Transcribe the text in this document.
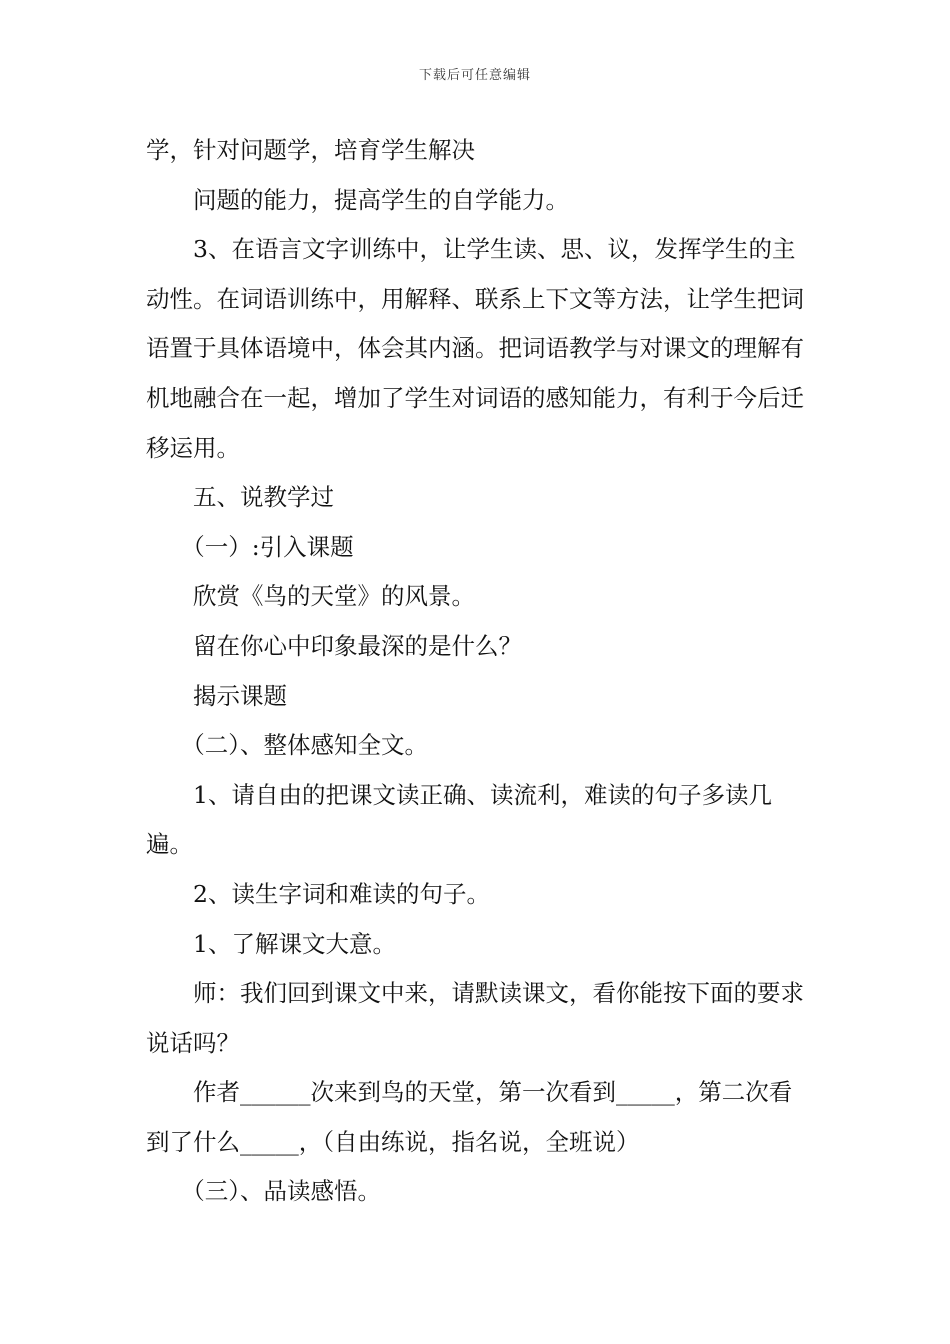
下载后可任意编辑

学，针对问题学，培育学生解决

问题的能力，提高学生的自学能力。

3、在语言文字训练中，让学生读、思、议，发挥学生的主动性。在词语训练中，用解释、联系上下文等方法，让学生把词语置于具体语境中，体会其内涵。把词语教学与对课文的理解有机地融合在一起，增加了学生对词语的感知能力，有利于今后迁移运用。

五、说教学过

（一）:引入课题

欣赏《鸟的天堂》的风景。

留在你心中印象最深的是什么？

揭示课题

（二）、整体感知全文。

1、请自由的把课文读正确、读流利，难读的句子多读几遍。

2、读生字词和难读的句子。

1、了解课文大意。

师：我们回到课文中来，请默读课文，看你能按下面的要求说话吗？

作者______次来到鸟的天堂，第一次看到_____，第二次看到了什么_____，（自由练说，指名说，全班说）

（三）、品读感悟。
